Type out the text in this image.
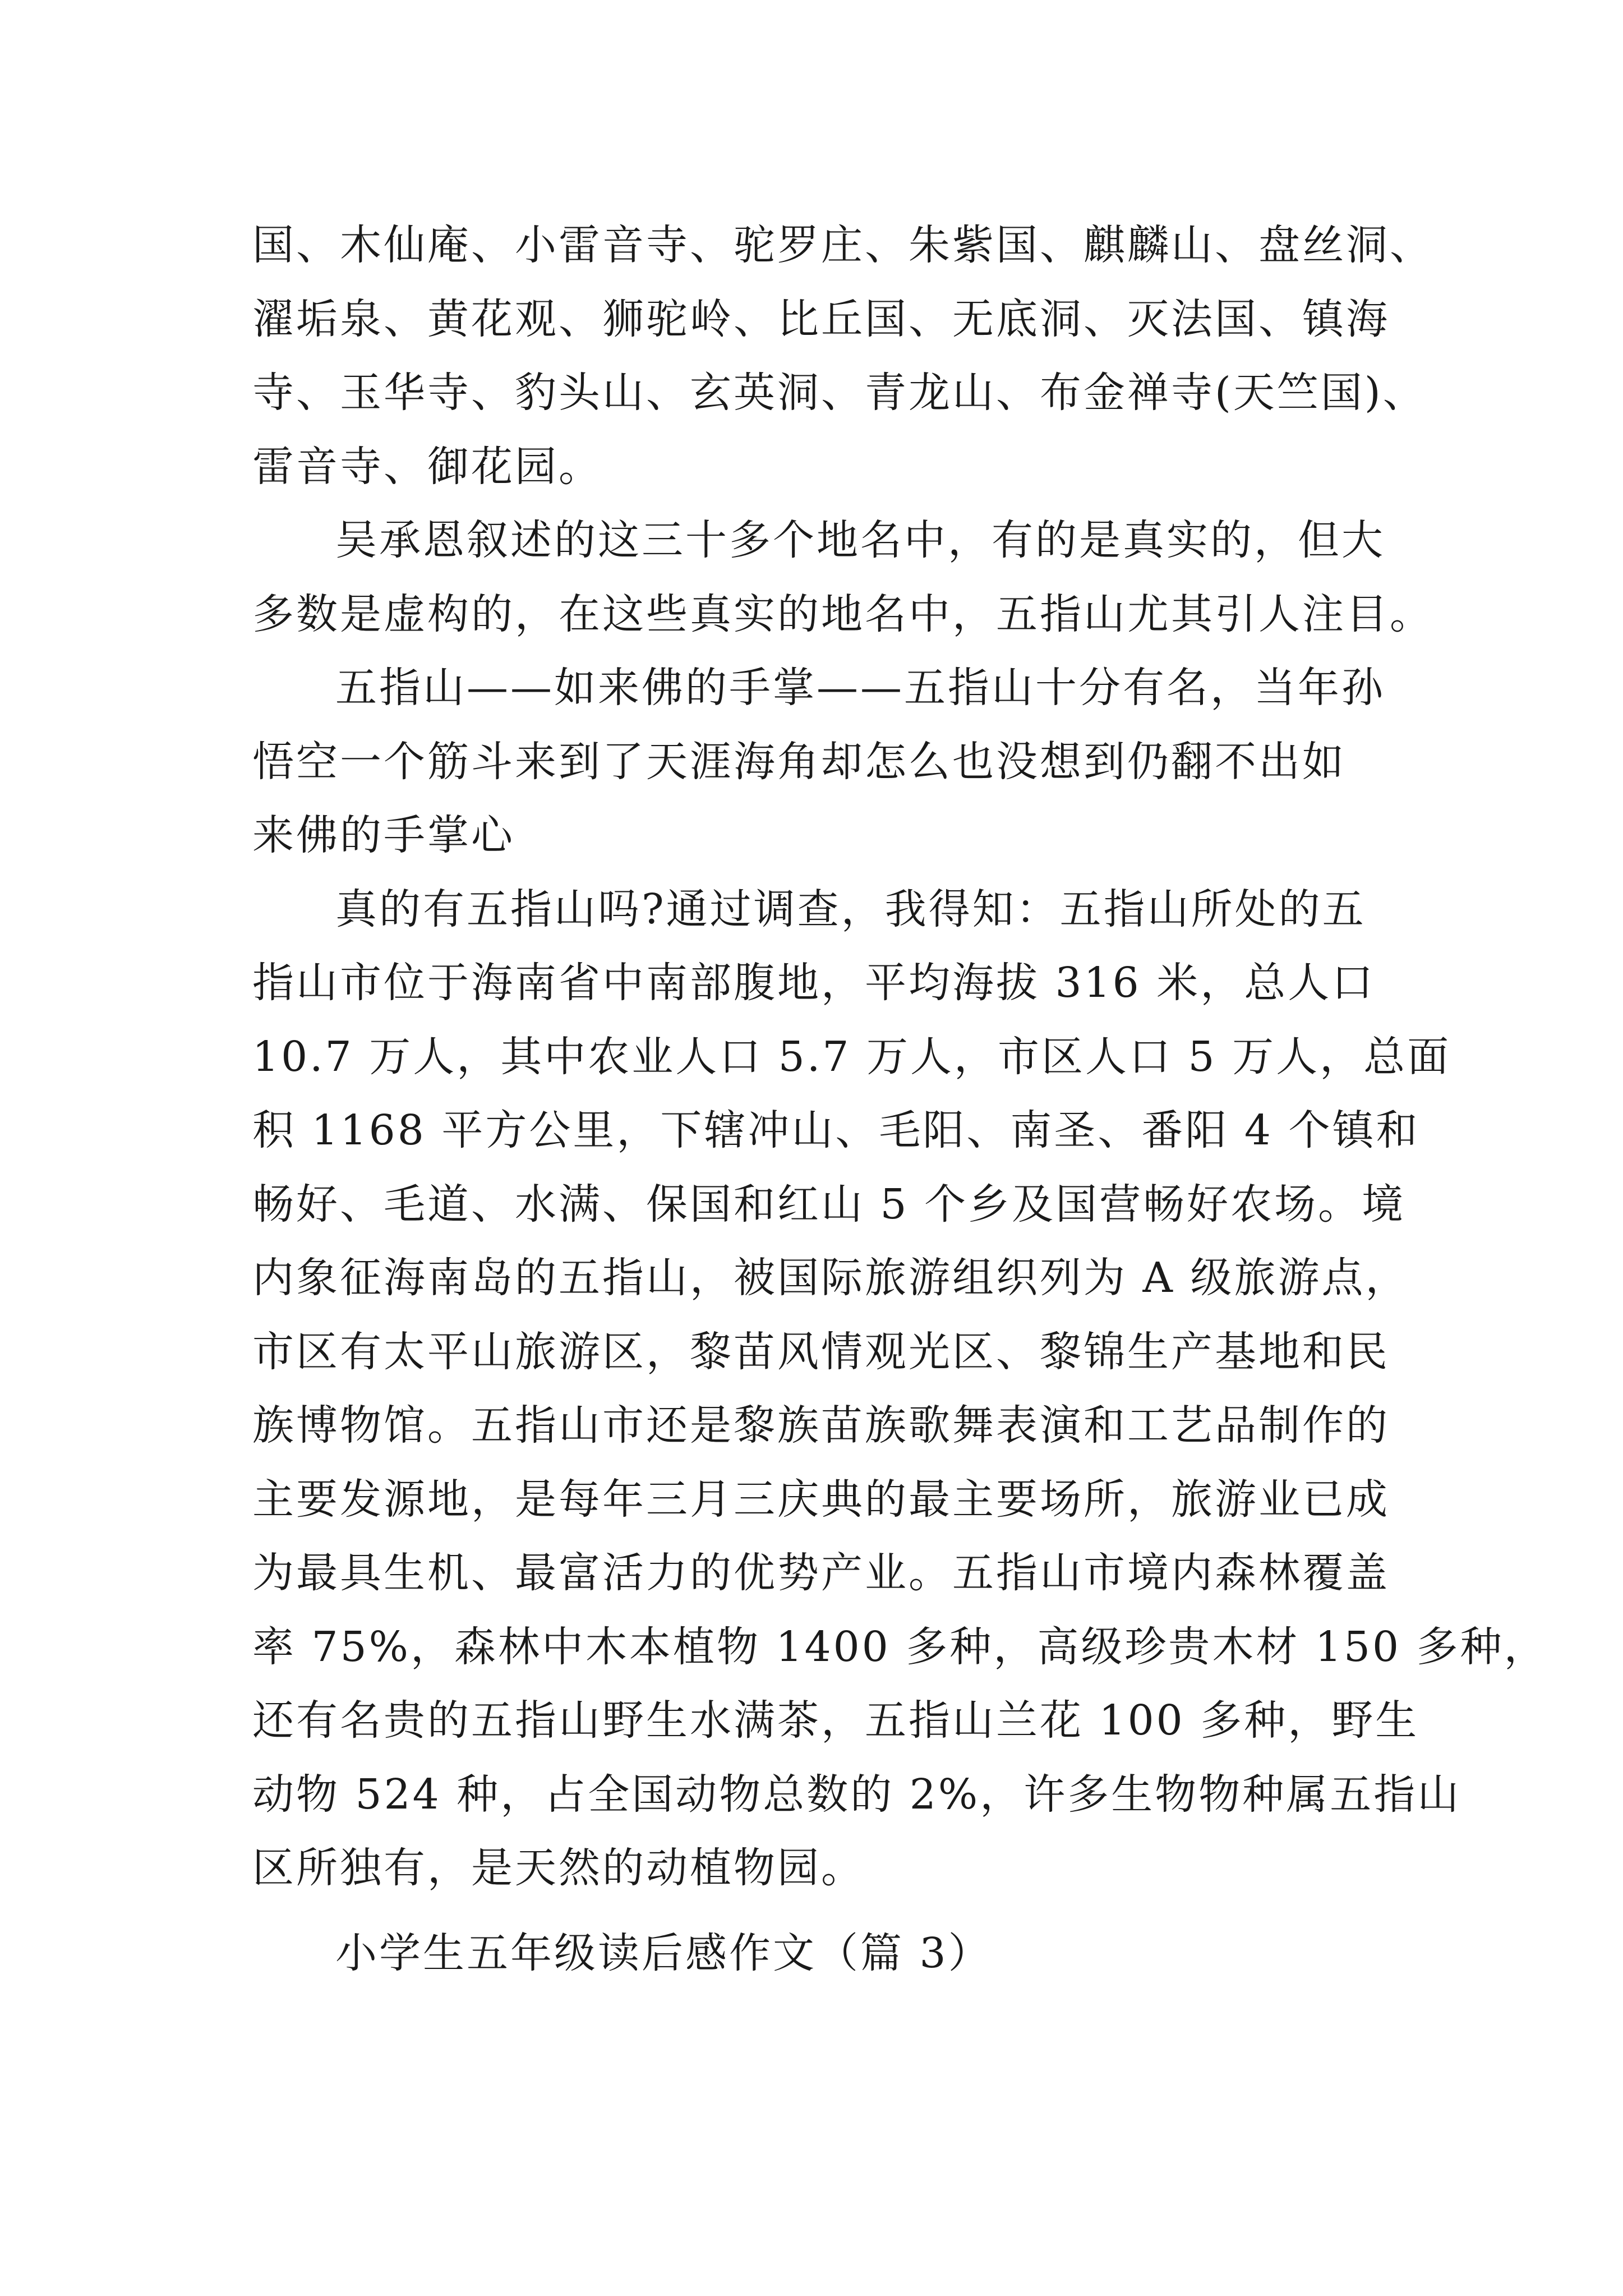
国、木仙庵、小雷音寺、驼罗庄、朱紫国、麒麟山、盘丝洞、
濯垢泉、黄花观、狮驼岭、比丘国、无底洞、灭法国、镇海
寺、玉华寺、豹头山、玄英洞、青龙山、布金禅寺(天竺国)、
雷音寺、御花园。

吴承恩叙述的这三十多个地名中，有的是真实的，但大
多数是虚构的，在这些真实的地名中，五指山尤其引人注目。

五指山——如来佛的手掌——五指山十分有名，当年孙
悟空一个筋斗来到了天涯海角却怎么也没想到仍翻不出如
来佛的手掌心

真的有五指山吗?通过调查，我得知：五指山所处的五
指山市位于海南省中南部腹地，平均海拔 316 米，总人口
10.7 万人，其中农业人口 5.7 万人，市区人口 5 万人，总面
积 1168 平方公里，下辖冲山、毛阳、南圣、番阳 4 个镇和
畅好、毛道、水满、保国和红山 5 个乡及国营畅好农场。境
内象征海南岛的五指山，被国际旅游组织列为 A 级旅游点，
市区有太平山旅游区，黎苗风情观光区、黎锦生产基地和民
族博物馆。五指山市还是黎族苗族歌舞表演和工艺品制作的
主要发源地，是每年三月三庆典的最主要场所，旅游业已成
为最具生机、最富活力的优势产业。五指山市境内森林覆盖
率 75%，森林中木本植物 1400 多种，高级珍贵木材 150 多种，
还有名贵的五指山野生水满茶，五指山兰花 100 多种，野生
动物 524 种，占全国动物总数的 2%，许多生物物种属五指山
区所独有，是天然的动植物园。

小学生五年级读后感作文（篇 3）
